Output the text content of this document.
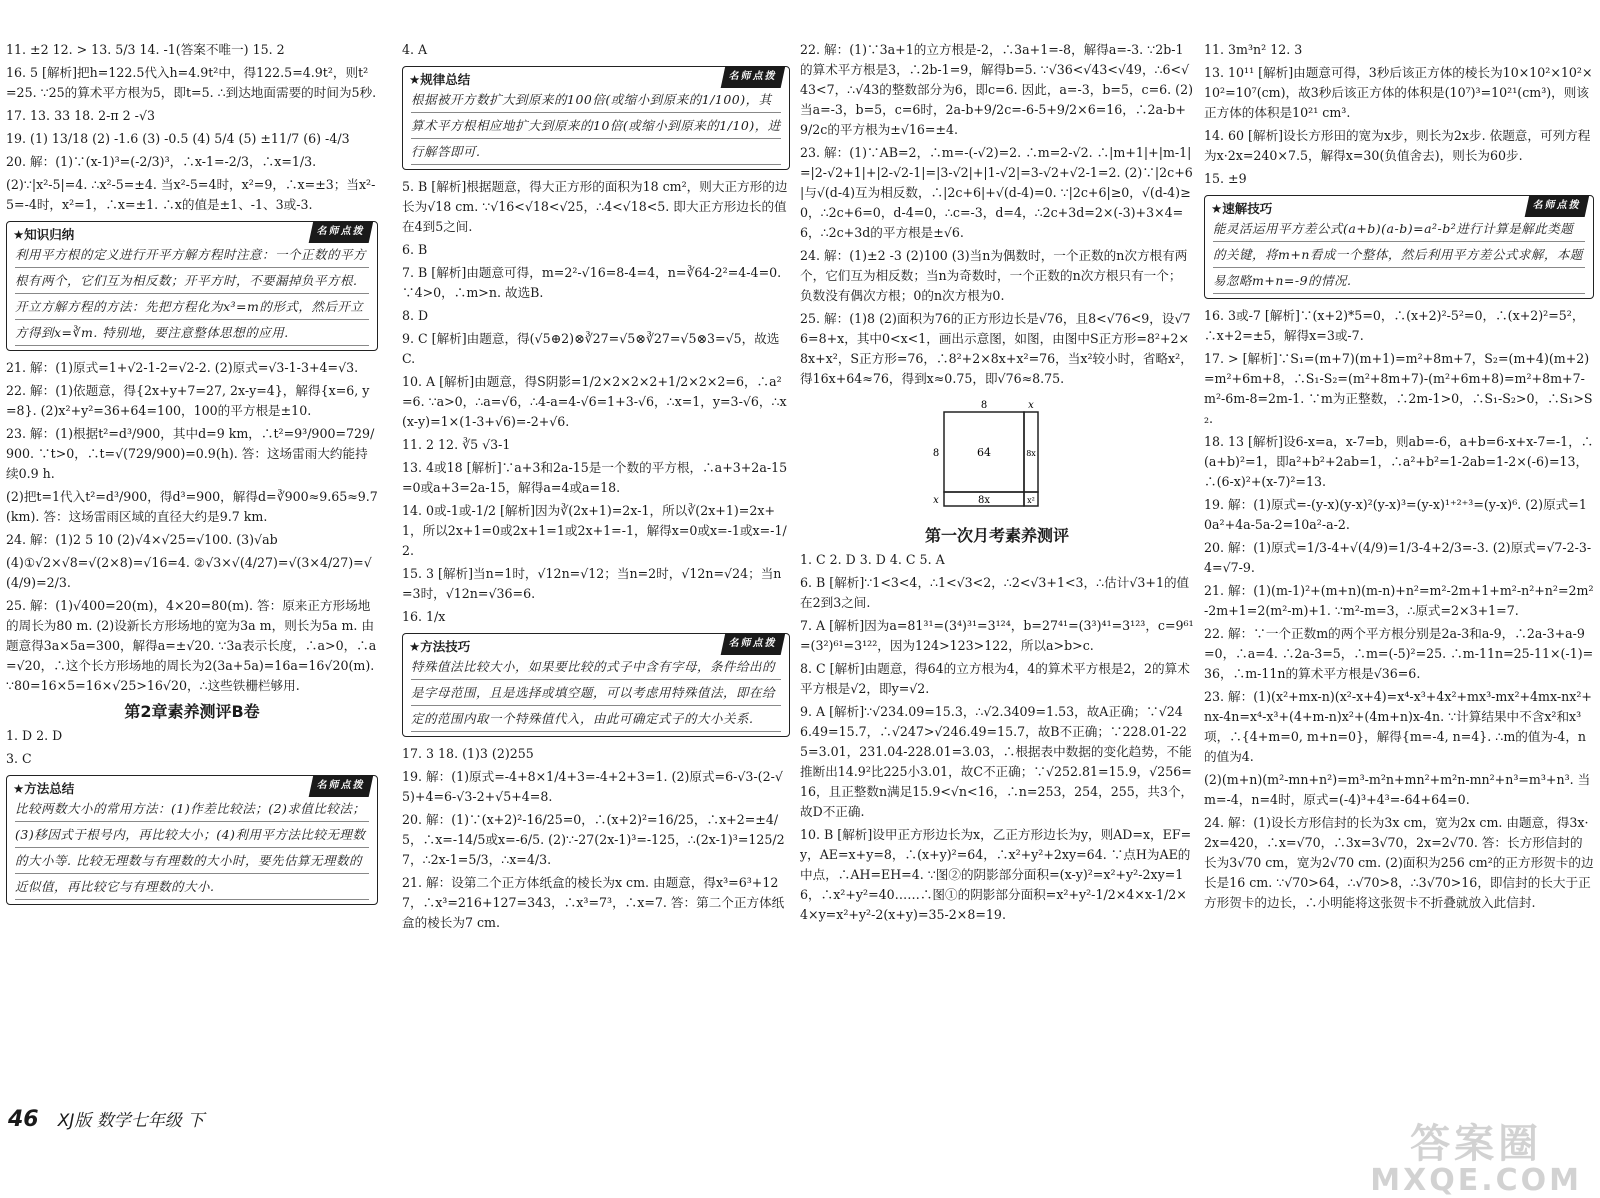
11. ±2 12. > 13. 5/3 14. -1(答案不唯一) 15. 2

16. 5 [解析]把h=122.5代入h=4.9t²中，得122.5=4.9t²，则t²=25. ∵25的算术平方根为5，即t=5. ∴到达地面需要的时间为5秒.

17. 13. 33 18. 2-π 2 -√3

19. (1) 13/18 (2) -1.6 (3) -0.5 (4) 5/4 (5) ±11/7 (6) -4/3

20. 解：(1)∵(x-1)³=(-2/3)³，∴x-1=-2/3，∴x=1/3.

(2)∵|x²-5|=4. ∴x²-5=±4. 当x²-5=4时，x²=9，∴x=±3；当x²-5=-4时，x²=1，∴x=±1. ∴x的值是±1、-1、3或-3.

名师点拨
★知识归纳
利用平方根的定义进行开平方解方程时注意：一个正数的平方根有两个，它们互为相反数；开平方时，不要漏掉负平方根.
开立方解方程的方法：先把方程化为x³=m的形式，然后开立方得到x=∛m. 特别地，要注意整体思想的应用.

21. 解：(1)原式=1+√2-1-2=√2-2. (2)原式=√3-1-3+4=√3.

22. 解：(1)依题意，得{2x+y+7=27, 2x-y=4}，解得{x=6, y=8}. (2)x²+y²=36+64=100，100的平方根是±10.

23. 解：(1)根据t²=d³/900，其中d=9 km，∴t²=9³/900=729/900. ∵t>0，∴t=√(729/900)=0.9(h). 答：这场雷雨大约能持续0.9 h.

(2)把t=1代入t²=d³/900，得d³=900，解得d=∛900≈9.65≈9.7(km). 答：这场雷雨区域的直径大约是9.7 km.

24. 解：(1)2 5 10 (2)√4×√25=√100. (3)√ab

(4)①√2×√8=√(2×8)=√16=4. ②√3×√(4/27)=√(3×4/27)=√(4/9)=2/3.

25. 解：(1)√400=20(m)，4×20=80(m). 答：原来正方形场地的周长为80 m. (2)设新长方形场地的宽为3a m，则长为5a m. 由题意得3a×5a=300，解得a=±√20. ∵3a表示长度，∴a>0，∴a=√20，∴这个长方形场地的周长为2(3a+5a)=16a=16√20(m). ∵80=16×5=16×√25>16√20，∴这些铁栅栏够用.

第2章素养测评B卷

1. D 2. D

3. C

名师点拨
★方法总结
比较两数大小的常用方法：(1)作差比较法；(2)求值比较法；(3)移因式于根号内，再比较大小；(4)利用平方法比较无理数的大小等. 比较无理数与有理数的大小时，要先估算无理数的近似值，再比较它与有理数的大小.

4. A

名师点拨
★规律总结
根据被开方数扩大到原来的100倍(或缩小到原来的1/100)，其算术平方根相应地扩大到原来的10倍(或缩小到原来的1/10)，进行解答即可.

5. B [解析]根据题意，得大正方形的面积为18 cm²，则大正方形的边长为√18 cm. ∵√16<√18<√25，∴4<√18<5. 即大正方形边长的值在4到5之间.

6. B

7. B [解析]由题意可得，m=2²-√16=8-4=4，n=∛64-2²=4-4=0. ∵4>0，∴m>n. 故选B.

8. D

9. C [解析]由题意，得(√5⊕2)⊗∛27=√5⊗∛27=√5⊗3=√5，故选C.

10. A [解析]由题意，得S阴影=1/2×2×2×2+1/2×2×2=6，∴a²=6. ∵a>0，∴a=√6，∴4-a=4-√6=1+3-√6，∴x=1，y=3-√6，∴x(x-y)=1×(1-3+√6)=-2+√6.

11. 2 12. ∛5 √3-1

13. 4或18 [解析]∵a+3和2a-15是一个数的平方根，∴a+3+2a-15=0或a+3=2a-15，解得a=4或a=18.

14. 0或-1或-1/2 [解析]因为∛(2x+1)=2x-1，所以∛(2x+1)=2x+1，所以2x+1=0或2x+1=1或2x+1=-1，解得x=0或x=-1或x=-1/2.

15. 3 [解析]当n=1时，√12n=√12；当n=2时，√12n=√24；当n=3时，√12n=√36=6.

16. 1/x

名师点拨
★方法技巧
特殊值法比较大小，如果要比较的式子中含有字母，条件给出的是字母范围，且是选择或填空题，可以考虑用特殊值法，即在给定的范围内取一个特殊值代入，由此可确定式子的大小关系.

17. 3 18. (1)3 (2)255

19. 解：(1)原式=-4+8×1/4+3=-4+2+3=1. (2)原式=6-√3-(2-√5)+4=6-√3-2+√5+4=8.

20. 解：(1)∵(x+2)²-16/25=0，∴(x+2)²=16/25，∴x+2=±4/5，∴x=-14/5或x=-6/5. (2)∵-27(2x-1)³=-125，∴(2x-1)³=125/27，∴2x-1=5/3，∴x=4/3.

21. 解：设第二个正方体纸盒的棱长为x cm. 由题意，得x³=6³+127，∴x³=216+127=343，∴x³=7³，∴x=7. 答：第二个正方体纸盒的棱长为7 cm.

22. 解：(1)∵3a+1的立方根是-2，∴3a+1=-8，解得a=-3. ∵2b-1的算术平方根是3，∴2b-1=9，解得b=5. ∵√36<√43<√49，∴6<√43<7，∴√43的整数部分为6，即c=6. 因此，a=-3，b=5，c=6. (2)当a=-3，b=5，c=6时，2a-b+9/2c=-6-5+9/2×6=16，∴2a-b+9/2c的平方根为±√16=±4.

23. 解：(1)∵AB=2，∴m=-(-√2)=2. ∴m=2-√2. ∴|m+1|+|m-1|=|2-√2+1|+|2-√2-1|=|3-√2|+|1-√2|=3-√2+√2-1=2. (2)∵|2c+6|与√(d-4)互为相反数，∴|2c+6|+√(d-4)=0. ∵|2c+6|≥0，√(d-4)≥0，∴2c+6=0，d-4=0，∴c=-3，d=4，∴2c+3d=2×(-3)+3×4=6，∴2c+3d的平方根是±√6.

24. 解：(1)±2 -3 (2)100 (3)当n为偶数时，一个正数的n次方根有两个，它们互为相反数；当n为奇数时，一个正数的n次方根只有一个；负数没有偶次方根；0的n次方根为0.

25. 解：(1)8 (2)面积为76的正方形边长是√76，且8<√76<9，设√76=8+x，其中0<x<1，画出示意图，如图，由图中S正方形=8²+2×8x+x²，S正方形=76，∴8²+2×8x+x²=76，当x²较小时，省略x²，得16x+64≈76，得到x≈0.75，即√76≈8.75.

8	x
8	64	8x
x	8x	x²
第一次月考素养测评

1. C 2. D 3. D 4. C 5. A

6. B [解析]∵1<3<4，∴1<√3<2，∴2<√3+1<3，∴估计√3+1的值在2到3之间.

7. A [解析]因为a=81³¹=(3⁴)³¹=3¹²⁴，b=27⁴¹=(3³)⁴¹=3¹²³，c=9⁶¹=(3²)⁶¹=3¹²²，因为124>123>122，所以a>b>c.

8. C [解析]由题意，得64的立方根为4，4的算术平方根是2，2的算术平方根是√2，即y=√2.

9. A [解析]∵√234.09=15.3，∴√2.3409=1.53，故A正确；∵√246.49=15.7，∴√247>√246.49=15.7，故B不正确；∵228.01-225=3.01，231.04-228.01=3.03，∴根据表中数据的变化趋势，不能推断出14.9²比225小3.01，故C不正确；∵√252.81=15.9，√256=16，且正整数n满足15.9<√n<16，∴n=253，254，255，共3个，故D不正确.

10. B [解析]设甲正方形边长为x，乙正方形边长为y，则AD=x，EF=y，AE=x+y=8，∴(x+y)²=64，∴x²+y²+2xy=64. ∵点H为AE的中点，∴AH=EH=4. ∵图②的阴影部分面积=(x-y)²=x²+y²-2xy=16，∴x²+y²=40……∴图①的阴影部分面积=x²+y²-1/2×4×x-1/2×4×y=x²+y²-2(x+y)=35-2×8=19.

11. 3m³n² 12. 3

13. 10¹¹ [解析]由题意可得，3秒后该正方体的棱长为10×10²×10²×10²=10⁷(cm)，故3秒后该正方体的体积是(10⁷)³=10²¹(cm³)，则该正方体的体积是10²¹ cm³.

14. 60 [解析]设长方形田的宽为x步，则长为2x步. 依题意，可列方程为x·2x=240×7.5，解得x=30(负值舍去)，则长为60步.

15. ±9

名师点拨
★速解技巧
能灵活运用平方差公式(a+b)(a-b)=a²-b²进行计算是解此类题的关键，将m+n看成一个整体，然后利用平方差公式求解，本题易忽略m+n=-9的情况.

16. 3或-7 [解析]∵(x+2)*5=0，∴(x+2)²-5²=0，∴(x+2)²=5²，∴x+2=±5，解得x=3或-7.

17. > [解析]∵S₁=(m+7)(m+1)=m²+8m+7，S₂=(m+4)(m+2)=m²+6m+8，∴S₁-S₂=(m²+8m+7)-(m²+6m+8)=m²+8m+7-m²-6m-8=2m-1. ∵m为正整数，∴2m-1>0，∴S₁-S₂>0，∴S₁>S₂.

18. 13 [解析]设6-x=a，x-7=b，则ab=-6，a+b=6-x+x-7=-1，∴(a+b)²=1，即a²+b²+2ab=1，∴a²+b²=1-2ab=1-2×(-6)=13，∴(6-x)²+(x-7)²=13.

19. 解：(1)原式=-(y-x)(y-x)²(y-x)³=(y-x)¹⁺²⁺³=(y-x)⁶. (2)原式=10a²+4a-5a-2=10a²-a-2.

20. 解：(1)原式=1/3-4+√(4/9)=1/3-4+2/3=-3. (2)原式=√7-2-3-4=√7-9.

21. 解：(1)(m-1)²+(m+n)(m-n)+n²=m²-2m+1+m²-n²+n²=2m²-2m+1=2(m²-m)+1. ∵m²-m=3，∴原式=2×3+1=7.

22. 解：∵一个正数m的两个平方根分别是2a-3和a-9，∴2a-3+a-9=0，∴a=4. ∴2a-3=5，∴m=(-5)²=25. ∴m-11n=25-11×(-1)=36，∴m-11n的算术平方根是√36=6.

23. 解：(1)(x²+mx-n)(x²-x+4)=x⁴-x³+4x²+mx³-mx²+4mx-nx²+nx-4n=x⁴-x³+(4+m-n)x²+(4m+n)x-4n. ∵计算结果中不含x²和x³项，∴{4+m=0, m+n=0}，解得{m=-4, n=4}. ∴m的值为-4，n的值为4.

(2)(m+n)(m²-mn+n²)=m³-m²n+mn²+m²n-mn²+n³=m³+n³. 当m=-4，n=4时，原式=(-4)³+4³=-64+64=0.

24. 解：(1)设长方形信封的长为3x cm，宽为2x cm. 由题意，得3x·2x=420，∴x=√70，∴3x=3√70，2x=2√70. 答：长方形信封的长为3√70 cm，宽为2√70 cm. (2)面积为256 cm²的正方形贺卡的边长是16 cm. ∵√70>64，∴√70>8，∴3√70>16，即信封的长大于正方形贺卡的边长，∴小明能将这张贺卡不折叠就放入此信封.

46 XJ版 数学七年级 下	答案圈
MXQE.COM
